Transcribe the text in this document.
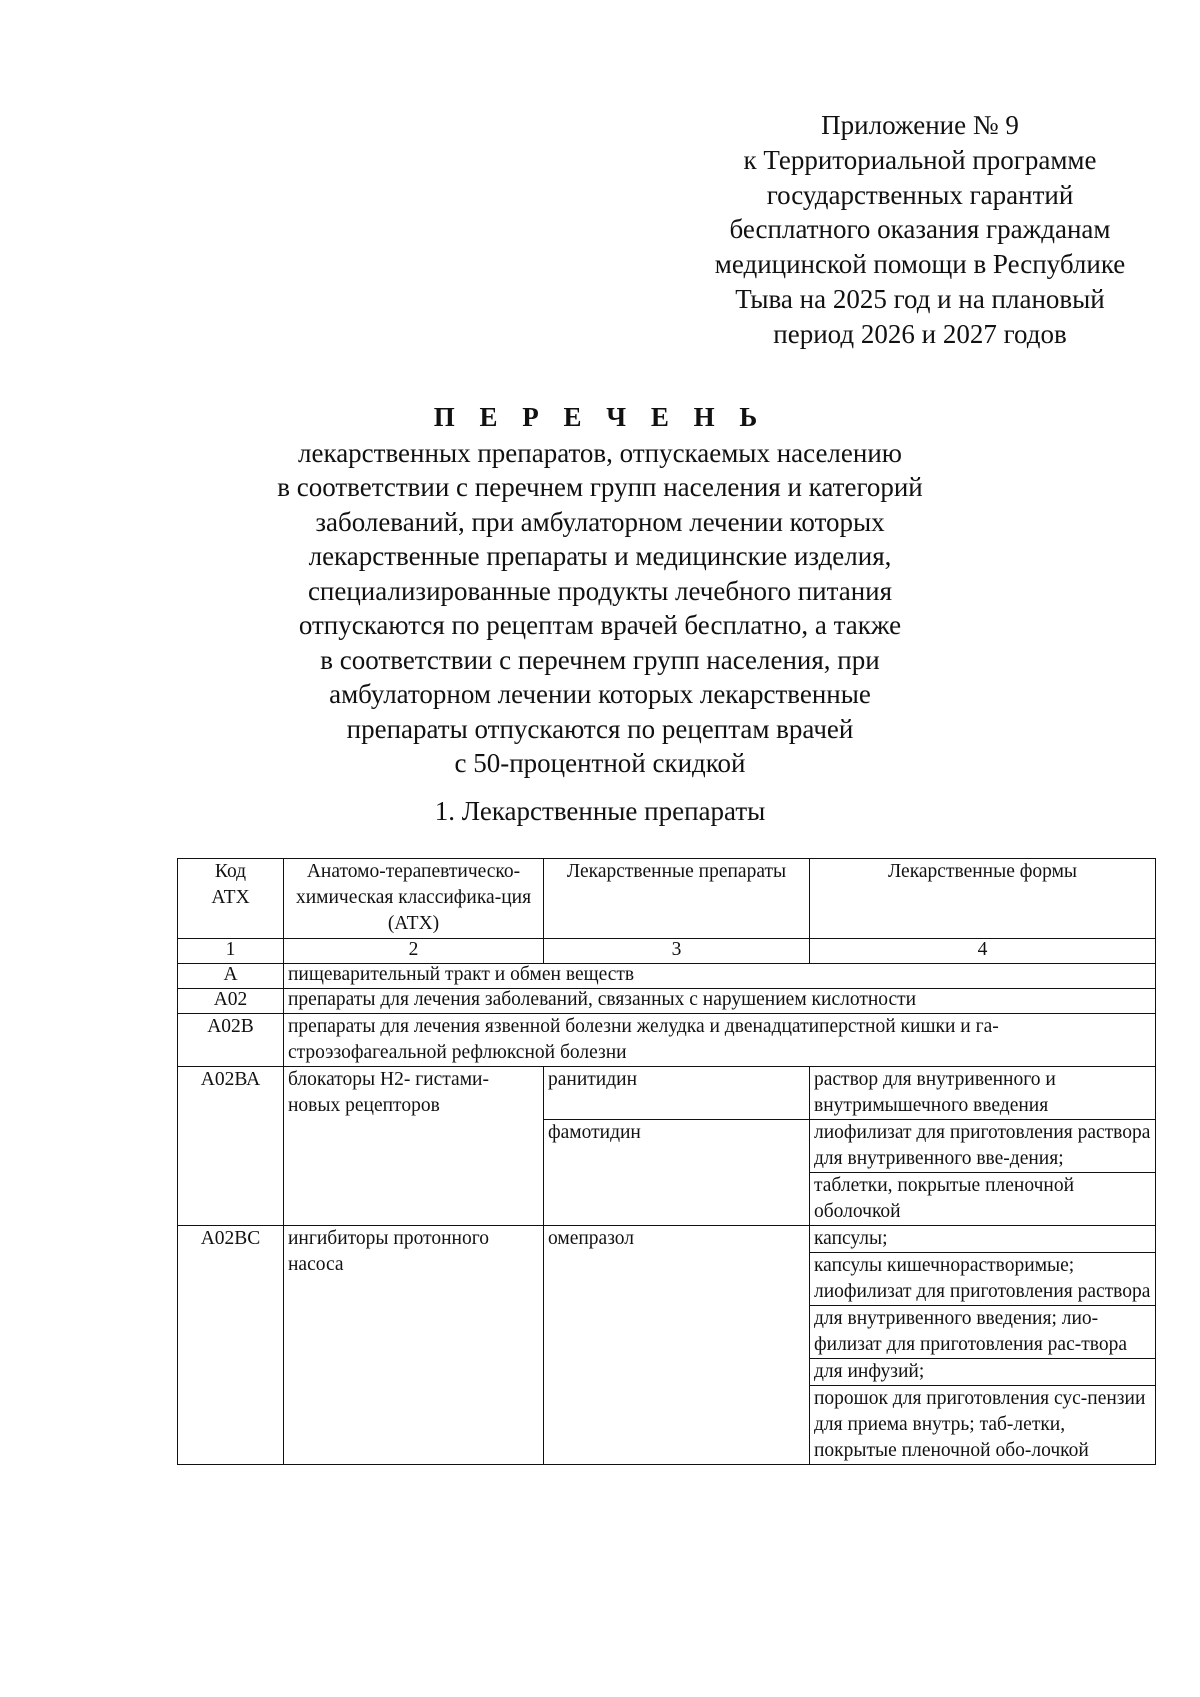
Приложение № 9
к Территориальной программе
государственных гарантий
бесплатного оказания гражданам
медицинской помощи в Республике
Тыва на 2025 год и на плановый
период 2026 и 2027 годов
П Е Р Е Ч Е Н Ь
лекарственных препаратов, отпускаемых населению
в соответствии с перечнем групп населения и категорий
заболеваний, при амбулаторном лечении которых
лекарственные препараты и медицинские изделия,
специализированные продукты лечебного питания
отпускаются по рецептам врачей бесплатно, а также
в соответствии с перечнем групп населения, при
амбулаторном лечении которых лекарственные
препараты отпускаются по рецептам врачей
с 50-процентной скидкой
1. Лекарственные препараты
Код
АТХ	Анатомо-терапевтическо-химическая классифика-ция (АТХ)	Лекарственные препараты	Лекарственные формы
1	2	3	4
А	пищеварительный тракт и обмен веществ		
А02	препараты для лечения заболеваний, связанных с нарушением кислотности		
А02В	препараты для лечения язвенной болезни желудка и двенадцатиперстной кишки и га-строэзофагеальной рефлюксной болезни		
А02ВА	блокаторы Н2- гистами-новых рецепторов	ранитидин	раствор для внутривенного и внутримышечного введения
		фамотидин	лиофилизат для приготовления раствора для внутривенного вве-дения;
			таблетки, покрытые пленочной оболочкой
А02ВС	ингибиторы протонного насоса	омепразол	капсулы;
			капсулы кишечнорастворимые; лиофилизат для приготовления раствора
			для внутривенного введения; лио-филизат для приготовления рас-твора
			для инфузий;
			порошок для приготовления сус-пензии для приема внутрь; таб-летки, покрытые пленочной обо-лочкой
